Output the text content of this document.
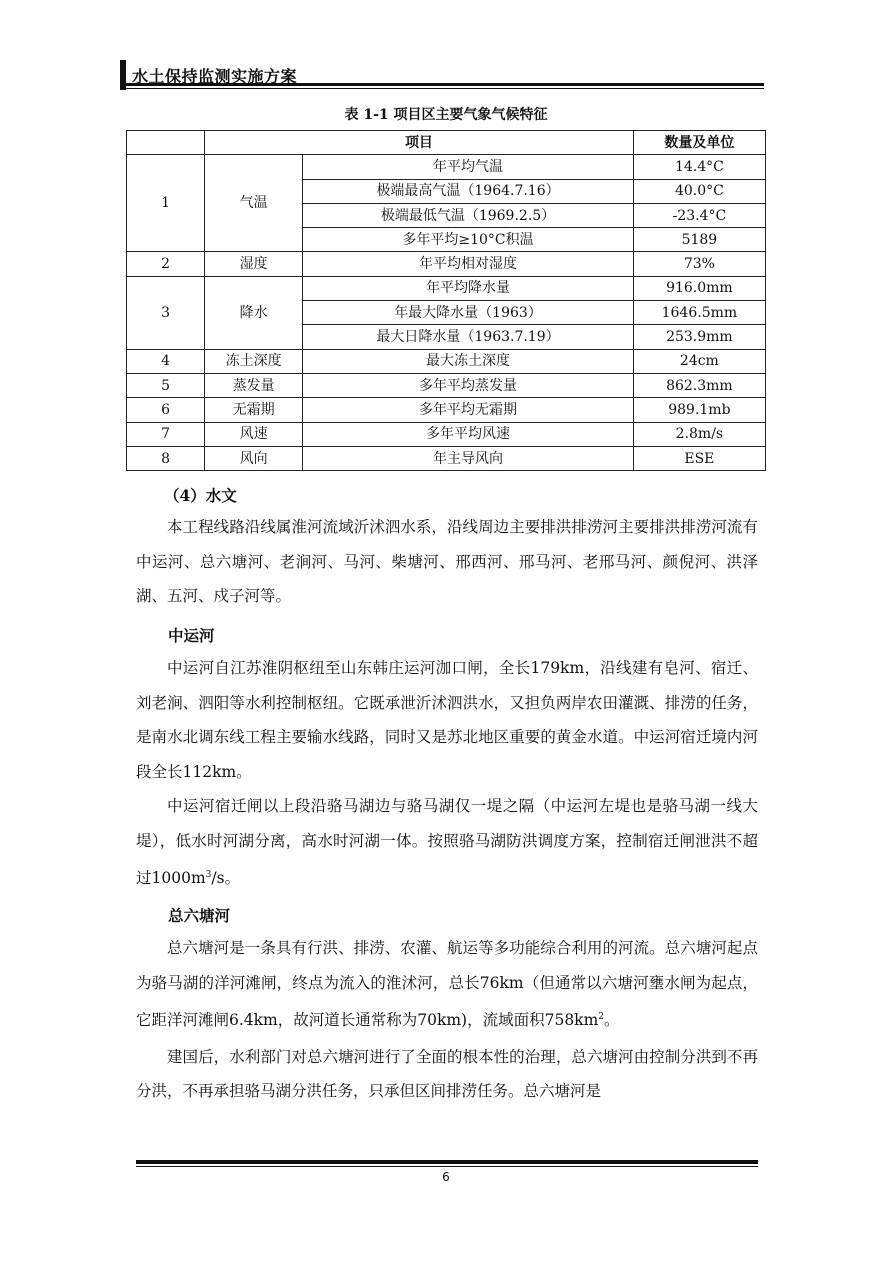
水土保持监测实施方案
表 1-1 项目区主要气象气候特征
	项目		数量及单位
1	气温	年平均气温	14.4°C
		极端最高气温（1964.7.16）	40.0°C
		极端最低气温（1969.2.5）	-23.4°C
		多年平均≥10°C积温	5189
2	湿度	年平均相对湿度	73%
3	降水	年平均降水量	916.0mm
		年最大降水量（1963）	1646.5mm
		最大日降水量（1963.7.19）	253.9mm
4	冻土深度	最大冻土深度	24cm
5	蒸发量	多年平均蒸发量	862.3mm
6	无霜期	多年平均无霜期	989.1mb
7	风速	多年平均风速	2.8m/s
8	风向	年主导风向	ESE
（4）水文

本工程线路沿线属淮河流域沂沭泗水系，沿线周边主要排洪排涝河主要排洪排涝河流有中运河、总六塘河、老涧河、马河、柴塘河、邢西河、邢马河、老邢马河、颜倪河、洪泽湖、五河、戍子河等。

中运河

中运河自江苏淮阴枢纽至山东韩庄运河泇口闸，全长179km，沿线建有皂河、宿迁、刘老涧、泗阳等水利控制枢纽。它既承泄沂沭泗洪水，又担负两岸农田灌溉、排涝的任务，是南水北调东线工程主要输水线路，同时又是苏北地区重要的黄金水道。中运河宿迁境内河段全长112km。

中运河宿迁闸以上段沿骆马湖边与骆马湖仅一堤之隔（中运河左堤也是骆马湖一线大堤），低水时河湖分离，高水时河湖一体。按照骆马湖防洪调度方案，控制宿迁闸泄洪不超过$1000m^3/s$。

总六塘河

总六塘河是一条具有行洪、排涝、农灌、航运等多功能综合利用的河流。总六塘河起点为骆马湖的洋河滩闸，终点为流入的淮沭河，总长76km（但通常以六塘河壅水闸为起点，它距洋河滩闸6.4km，故河道长通常称为70km)，流域面积$758km^2$。

建国后，水利部门对总六塘河进行了全面的根本性的治理，总六塘河由控制分洪到不再分洪，不再承担骆马湖分洪任务，只承但区间排涝任务。总六塘河是

6
